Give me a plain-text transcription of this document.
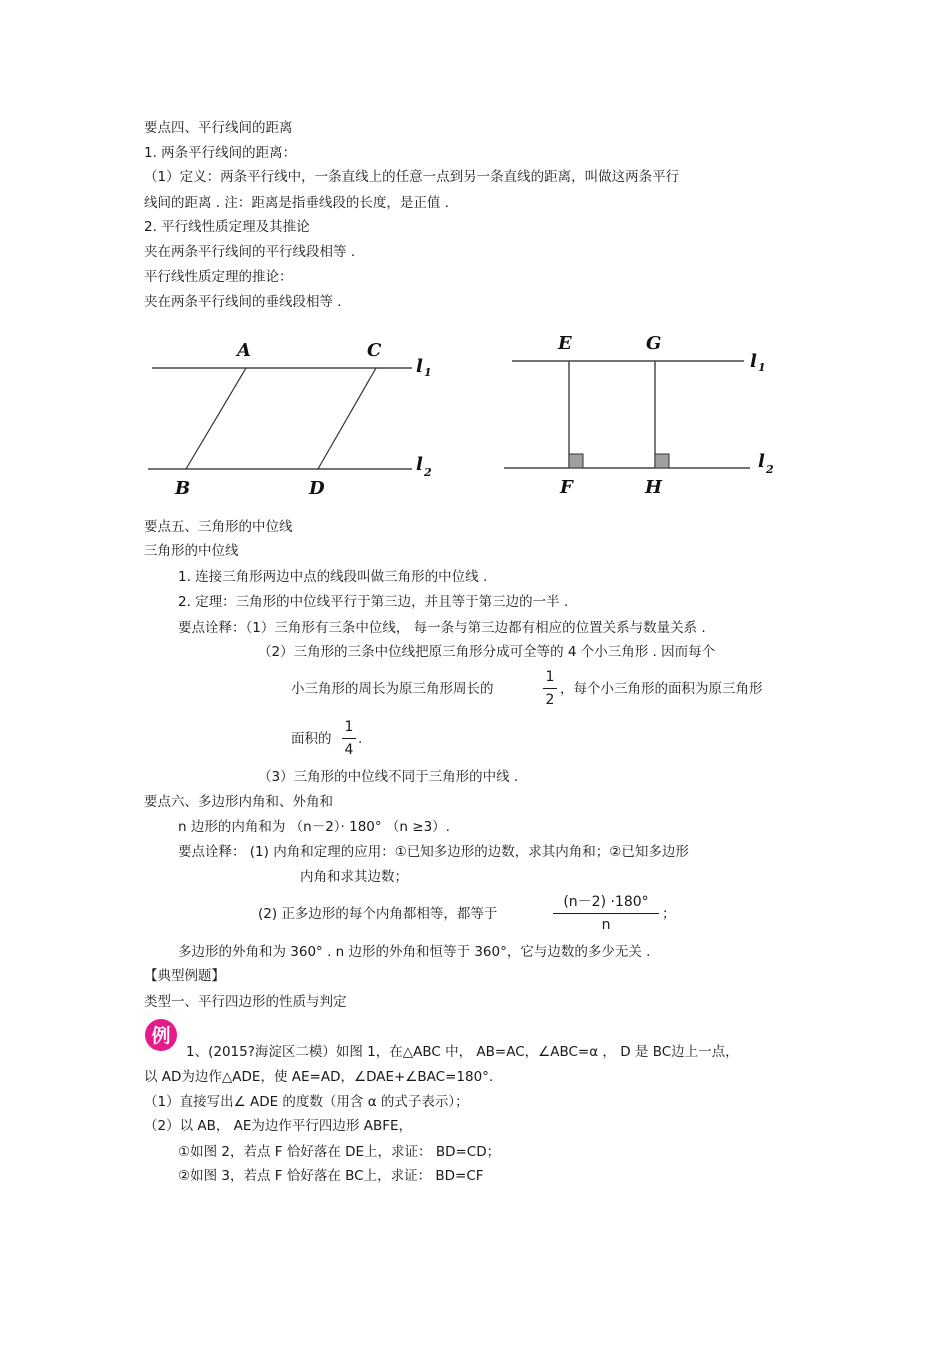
要点四、平行线间的距离
1. 两条平行线间的距离：
（1）定义：两条平行线中，一条直线上的任意一点到另一条直线的距离，叫做这两条平行
线间的距离 . 注：距离是指垂线段的长度，是正值 .
2. 平行线性质定理及其推论
夹在两条平行线间的平行线段相等 .
平行线性质定理的推论：
夹在两条平行线间的垂线段相等 .
A	C
B	D
l 1
l 2
E	G
F	H
l 1
l 2
要点五、三角形的中位线
三角形的中位线
1. 连接三角形两边中点的线段叫做三角形的中位线 .
2. 定理：三角形的中位线平行于第三边，并且等于第三边的一半 .
要点诠释：（1）三角形有三条中位线， 每一条与第三边都有相应的位置关系与数量关系 .
（2）三角形的三条中位线把原三角形分成可全等的 4 个小三角形 . 因而每个
小三角形的周长为原三角形周长的
1
2
，每个小三角形的面积为原三角形
面积的
1
4
.
（3）三角形的中位线不同于三角形的中线 .
要点六、多边形内角和、外角和
n 边形的内角和为 （n－2）· 180° （n ≥3）.
要点诠释： (1) 内角和定理的应用：①已知多边形的边数，求其内角和；②已知多边形
内角和求其边数；
(2) 正多边形的每个内角都相等，都等于
(n－2) ·180°
n
；
多边形的外角和为 360° . n 边形的外角和恒等于 360°，它与边数的多少无关 .
【典型例题】
类型一、平行四边形的性质与判定
例
1、(2015?海淀区二模）如图 1，在△ABC 中， AB=AC，∠ABC=α ， D 是 BC边上一点，
以 AD为边作△ADE，使 AE=AD，∠DAE+∠BAC=180°.
（1）直接写出∠ ADE 的度数（用含 α 的式子表示）；
（2）以 AB， AE为边作平行四边形 ABFE，
①如图 2，若点 F 恰好落在 DE上，求证： BD=CD；
②如图 3，若点 F 恰好落在 BC上，求证： BD=CF
